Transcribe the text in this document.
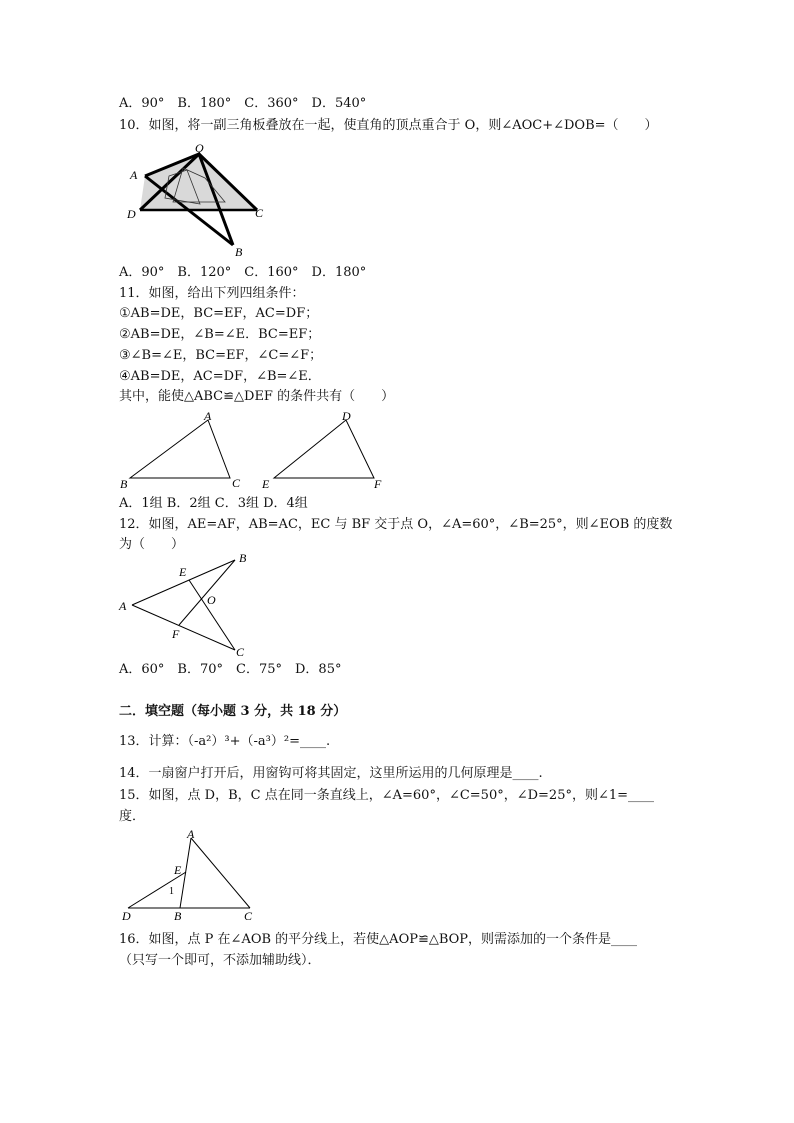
A．90°　B．180°　C．360°　D．540°
10．如图，将一副三角板叠放在一起，使直角的顶点重合于 O，则∠AOC+∠DOB=（　　）
O
A
D	C
B
A．90°　B．120°　C．160°　D．180°
11．如图，给出下列四组条件：
①AB=DE，BC=EF，AC=DF；
②AB=DE，∠B=∠E．BC=EF；
③∠B=∠E，BC=EF，∠C=∠F；
④AB=DE，AC=DF，∠B=∠E．
其中，能使△ABC≌△DEF 的条件共有（　　）
A
B	C
D
E	F
A．1组 B．2组 C．3组 D．4组
12．如图，AE=AF，AB=AC，EC 与 BF 交于点 O，∠A=60°，∠B=25°，则∠EOB 的度数
为（　　）
B
E
A	O
F
C
A．60°　B．70°　C．75°　D．85°
二．填空题（每小题 3 分，共 18 分）
13．计算：（-a²）³+（-a³）²=____.
14．一扇窗户打开后，用窗钩可将其固定，这里所运用的几何原理是____.
15．如图，点 D，B，C 点在同一条直线上，∠A=60°，∠C=50°，∠D=25°，则∠1=____
度．
A
E
1
D	B	C
16．如图，点 P 在∠AOB 的平分线上，若使△AOP≌△BOP，则需添加的一个条件是____
（只写一个即可，不添加辅助线）．
